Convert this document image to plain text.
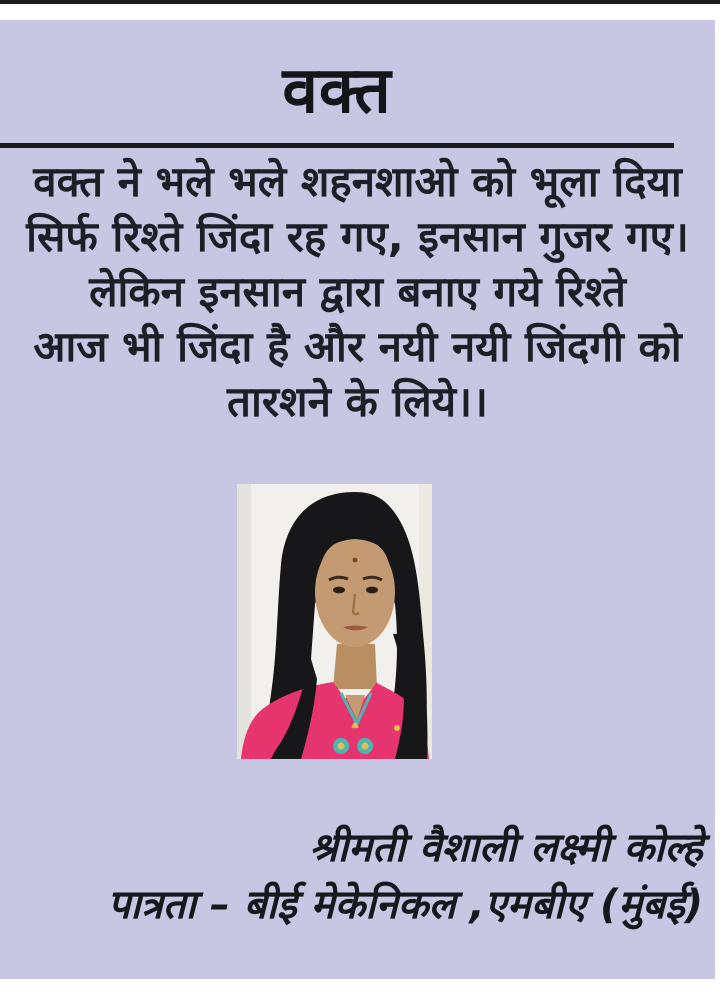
वक्त

वक्त ने भले भले शहनशाओ को भूला दिया

सिर्फ रिश्ते जिंदा रह गए, इनसान गुजर गए।

लेकिन इनसान द्वारा बनाए गये रिश्ते

आज भी जिंदा है और नयी नयी जिंदगी को

तारशने के लिये।।

श्रीमती वैशाली लक्ष्मी कोल्हे

पात्रता – बीई मेकेनिकल ,एमबीए (मुंबई)
